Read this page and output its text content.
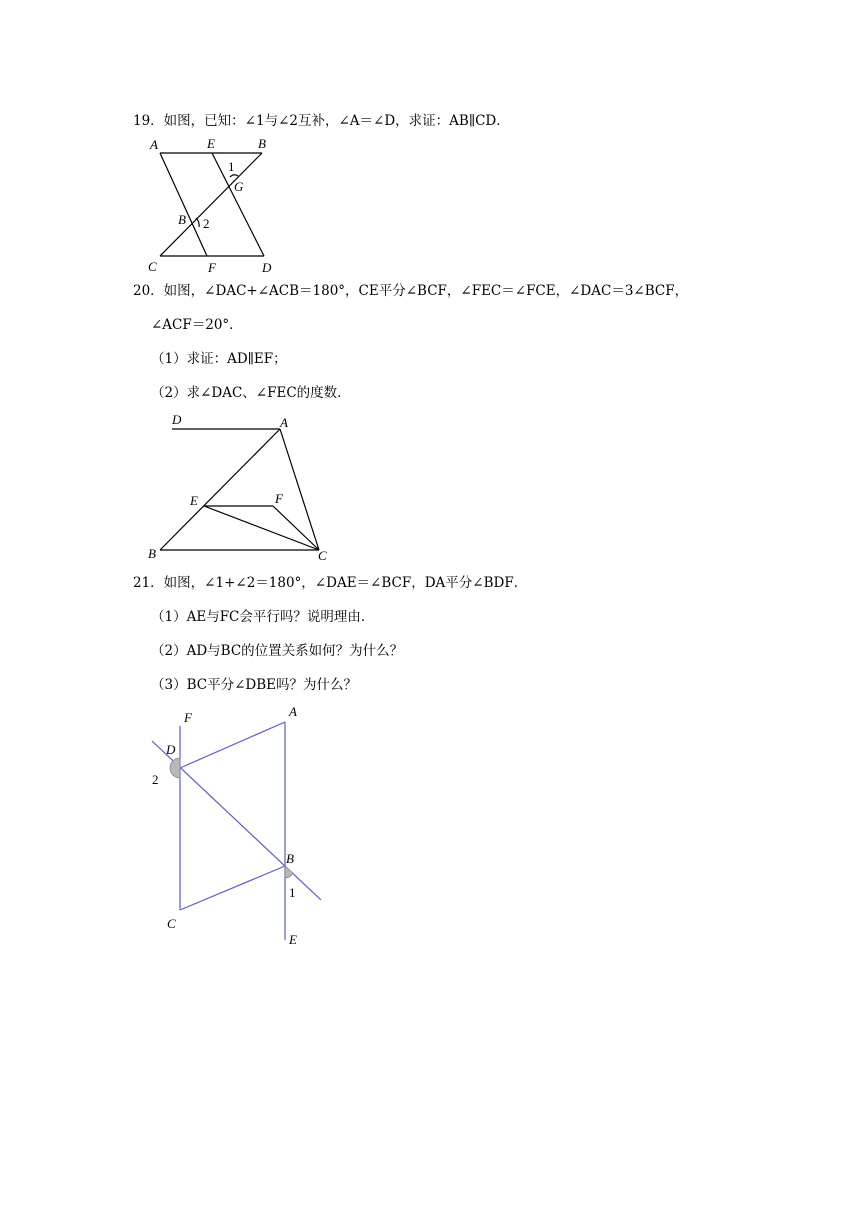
19．如图，已知：∠1与∠2互补，∠A＝∠D，求证：AB∥CD．
A	E	B
1
G
B 2
C	F	D
20．如图，∠DAC+∠ACB＝180°，CE平分∠BCF，∠FEC＝∠FCE，∠DAC＝3∠BCF，
∠ACF＝20°．
（1）求证：AD∥EF；
（2）求∠DAC、∠FEC的度数．
D	A
E	F
B	C
21．如图，∠1+∠2＝180°，∠DAE＝∠BCF，DA平分∠BDF．
（1）AE与FC会平行吗？说明理由．
（2）AD与BC的位置关系如何？为什么？
（3）BC平分∠DBE吗？为什么？
F	A
D
2
B
1
C
E
